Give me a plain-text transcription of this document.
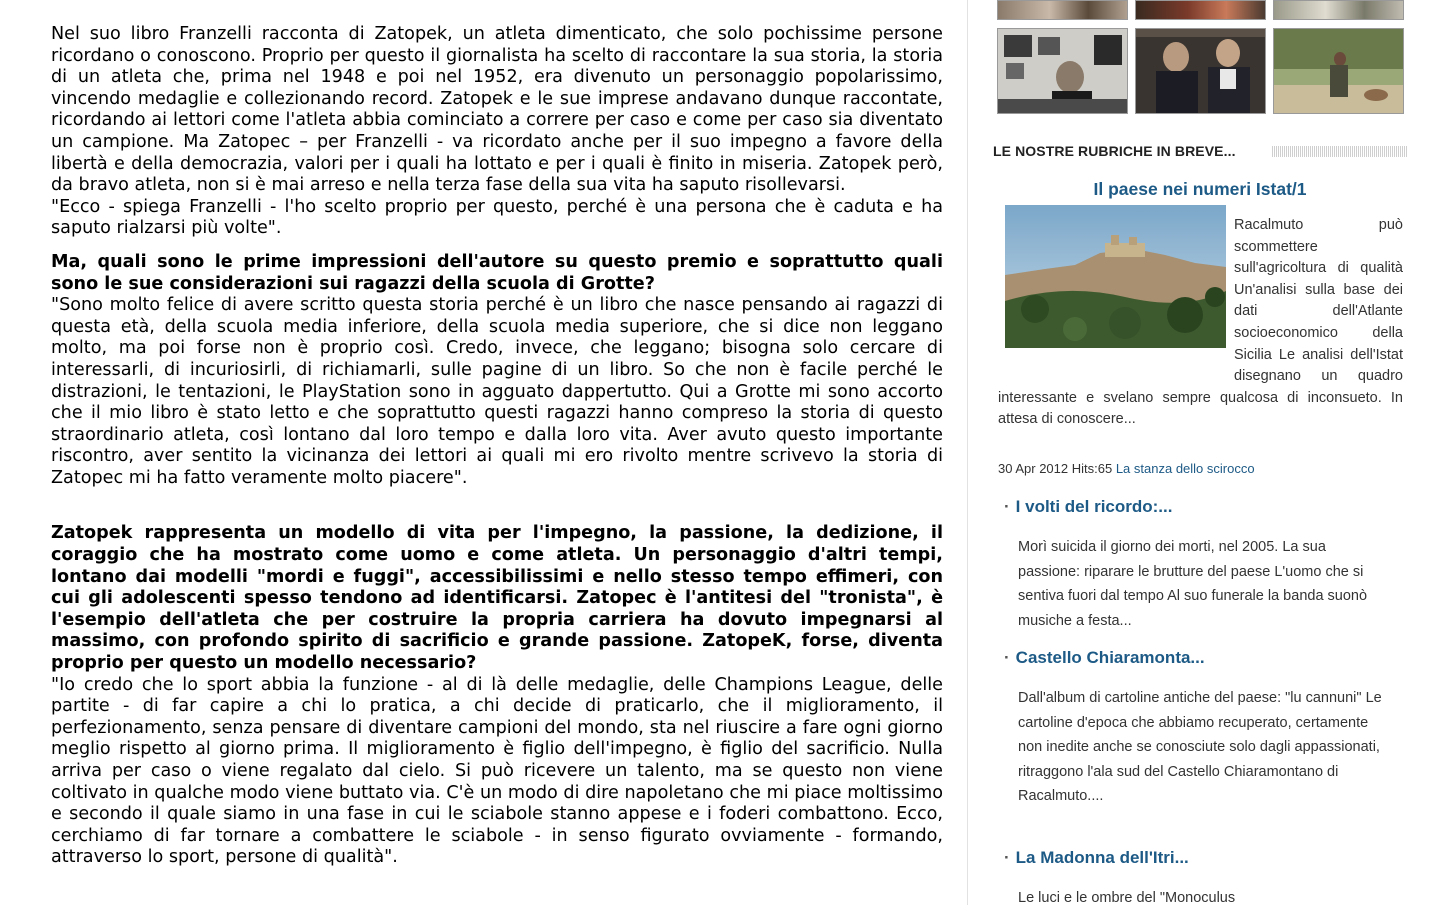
Nel suo libro Franzelli racconta di Zatopek, un atleta dimenticato, che solo pochissime persone ricordano o conoscono. Proprio per questo il giornalista ha scelto di raccontare la sua storia, la storia di un atleta che, prima nel 1948 e poi nel 1952, era divenuto un personaggio popolarissimo, vincendo medaglie e collezionando record. Zatopek e le sue imprese andavano dunque raccontate, ricordando ai lettori come l'atleta abbia cominciato a correre per caso e come per caso sia diventato un campione. Ma Zatopec – per Franzelli - va ricordato anche per il suo impegno a favore della libertà e della democrazia, valori per i quali ha lottato e per i quali è finito in miseria. Zatopek però, da bravo atleta, non si è mai arreso e nella terza fase della sua vita ha saputo risollevarsi.

"Ecco - spiega Franzelli - l'ho scelto proprio per questo, perché è una persona che è caduta e ha saputo rialzarsi più volte".

Ma, quali sono le prime impressioni dell'autore su questo premio e soprattutto quali sono le sue considerazioni sui ragazzi della scuola di Grotte?

"Sono molto felice di avere scritto questa storia perché è un libro che nasce pensando ai ragazzi di questa età, della scuola media inferiore, della scuola media superiore, che si dice non leggano molto, ma poi forse non è proprio così. Credo, invece, che leggano; bisogna solo cercare di interessarli, di incuriosirli, di richiamarli, sulle pagine di un libro. So che non è facile perché le distrazioni, le tentazioni, le PlayStation sono in agguato dappertutto. Qui a Grotte mi sono accorto che il mio libro è stato letto e che soprattutto questi ragazzi hanno compreso la storia di questo straordinario atleta, così lontano dal loro tempo e dalla loro vita. Aver avuto questo importante riscontro, aver sentito la vicinanza dei lettori ai quali mi ero rivolto mentre scrivevo la storia di Zatopec mi ha fatto veramente molto piacere".

Zatopek rappresenta un modello di vita per l'impegno, la passione, la dedizione, il coraggio che ha mostrato come uomo e come atleta. Un personaggio d'altri tempi, lontano dai modelli "mordi e fuggi", accessibilissimi e nello stesso tempo effimeri, con cui gli adolescenti spesso tendono ad identificarsi. Zatopec è l'antitesi del "tronista", è l'esempio dell'atleta che per costruire la propria carriera ha dovuto impegnarsi al massimo, con profondo spirito di sacrificio e grande passione. ZatopeK, forse, diventa proprio per questo un modello necessario?

"Io credo che lo sport abbia la funzione - al di là delle medaglie, delle Champions League, delle partite - di far capire a chi lo pratica, a chi decide di praticarlo, che il miglioramento, il perfezionamento, senza pensare di diventare campioni del mondo, sta nel riuscire a fare ogni giorno meglio rispetto al giorno prima. Il miglioramento è figlio dell'impegno, è figlio del sacrificio. Nulla arriva per caso o viene regalato dal cielo. Si può ricevere un talento, ma se questo non viene coltivato in qualche modo viene buttato via. C'è un modo di dire napoletano che mi piace moltissimo e secondo il quale siamo in una fase in cui le sciabole stanno appese e i foderi combattono. Ecco, cerchiamo di far tornare a combattere le sciabole - in senso figurato ovviamente - formando, attraverso lo sport, persone di qualità".

LE NOSTRE RUBRICHE IN BREVE...
Il paese nei numeri Istat/1
Racalmuto può scommettere sull'agricoltura di qualità Un'analisi sulla base dei dati dell'Atlante socioeconomico della Sicilia Le analisi dell'Istat disegnano un quadro interessante e svelano sempre qualcosa di inconsueto. In attesa di conoscere...
30 Apr 2012 Hits:65 La stanza dello scirocco
· I volti del ricordo:...
Morì suicida il giorno dei morti, nel 2005. La sua passione: riparare le brutture del paese L'uomo che si sentiva fuori dal tempo Al suo funerale la banda suonò musiche a festa...
· Castello Chiaramonta...
Dall'album di cartoline antiche del paese: "lu cannuni" Le cartoline d'epoca che abbiamo recuperato, certamente non inedite anche se conosciute solo dagli appassionati, ritraggono l'ala sud del Castello Chiaramontano di Racalmuto....
· La Madonna dell'Itri...
Le luci e le ombre del "Monoculus
